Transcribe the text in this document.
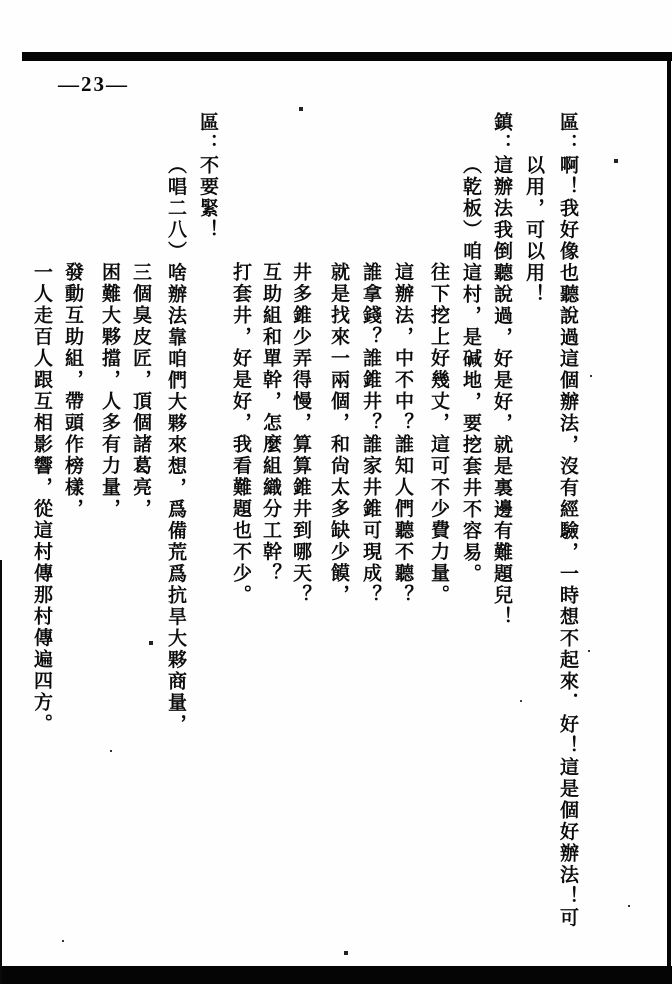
—23—
區：啊！我好像也聽說過這個辦法，沒有經驗，一時想不起來．好！這是個好辦法！可
以用，可以用！
鎮：這辦法我倒聽說過，好是好，就是裏邊有難題兒！
（乾板）咱這村，是碱地，要挖套井不容易。
往下挖上好幾丈，這可不少費力量。
這辦法，中不中？誰知人們聽不聽？
誰拿錢？誰錐井？誰家井錐可現成？
就是找來一兩個，和尙太多缺少饃，
井多錐少弄得慢，算算錐井到哪天？
互助組和單幹，怎麼組織分工幹？
打套井，好是好，我看難題也不少。
區：不要緊！
（唱二八）啥辦法靠咱們大夥來想，爲備荒爲抗旱大夥商量，
三個臭皮匠，頂個諸葛亮，
困難大夥擋，人多有力量，
發動互助組，帶頭作榜樣，
一人走百人跟互相影響，從這村傳那村傳遍四方。
